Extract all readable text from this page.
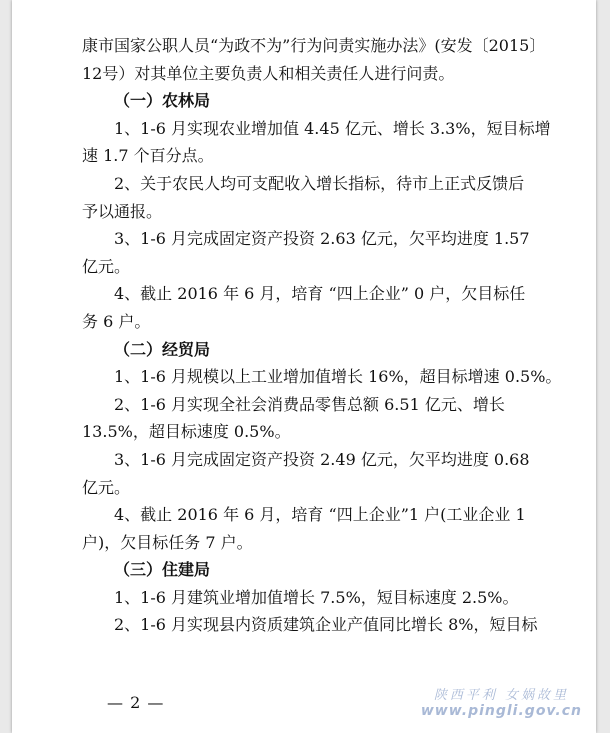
康市国家公职人员“为政不为”行为问责实施办法》(安发〔2015〕
12号）对其单位主要负责人和相关责任人进行问责。
（一）农林局
1、1-6 月实现农业增加值 4.45 亿元、增长 3.3%，短目标增
速 1.7 个百分点。
2、关于农民人均可支配收入增长指标，待市上正式反馈后
予以通报。
3、1-6 月完成固定资产投资 2.63 亿元，欠平均进度 1.57
亿元。
4、截止 2016 年 6 月，培育 “四上企业” 0 户，欠目标任
务 6 户。
（二）经贸局
1、1-6 月规模以上工业增加值增长 16%，超目标增速 0.5%。
2、1-6 月实现全社会消费品零售总额 6.51 亿元、增长
13.5%，超目标速度 0.5%。
3、1-6 月完成固定资产投资 2.49 亿元，欠平均进度 0.68
亿元。
4、截止 2016 年 6 月，培育 “四上企业”1 户(工业企业 1
户)，欠目标任务 7 户。
（三）住建局
1、1-6 月建筑业增加值增长 7.5%，短目标速度 2.5%。
2、1-6 月实现县内资质建筑企业产值同比增长 8%，短目标
— 2 —	陕西平利 女娲故里
www.pingli.gov.cn
